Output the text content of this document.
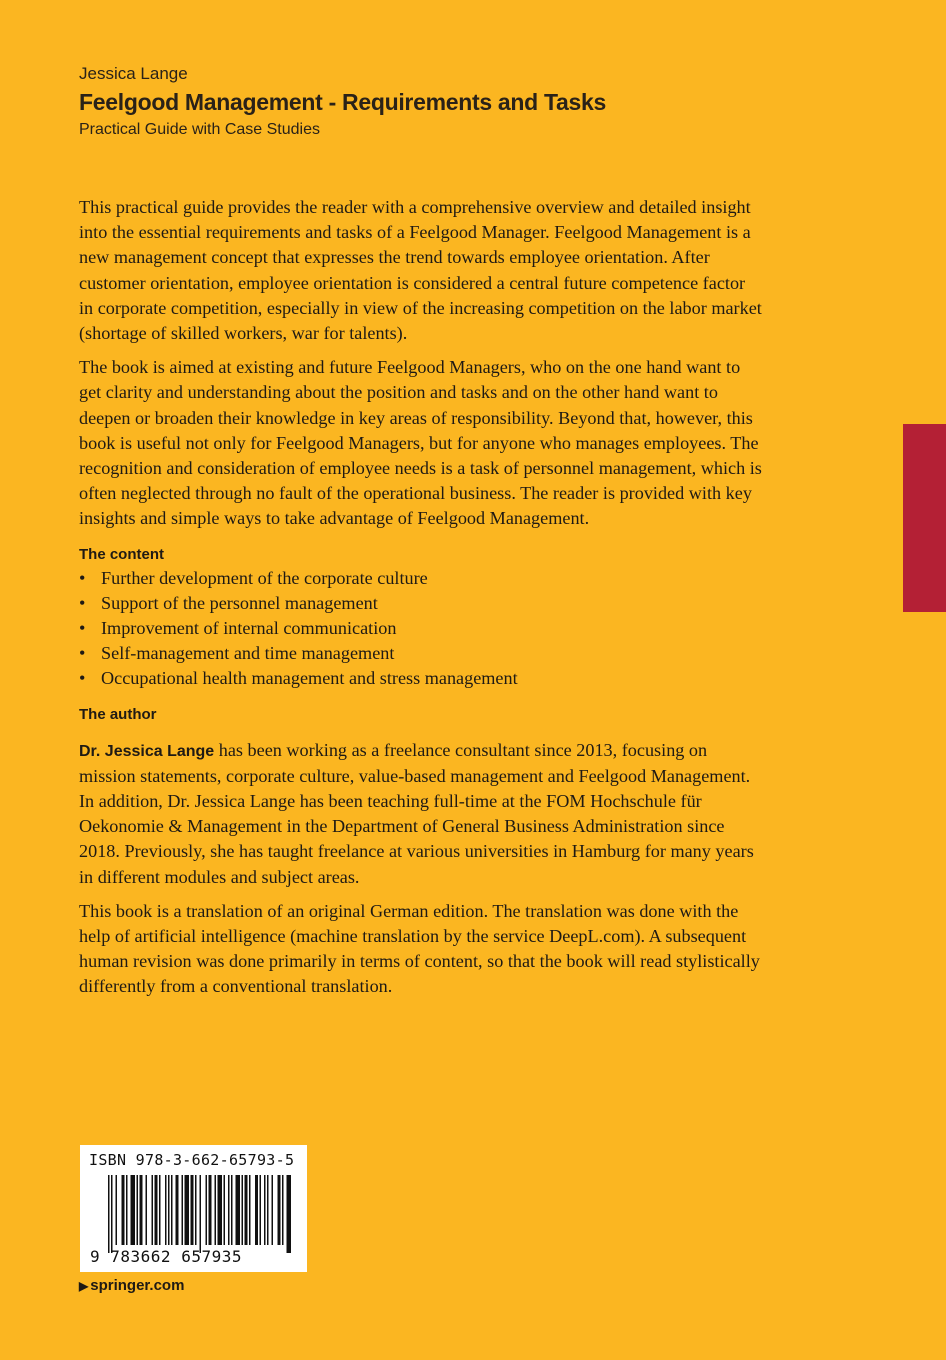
Jessica Lange
Feelgood Management - Requirements and Tasks
Practical Guide with Case Studies

This practical guide provides the reader with a comprehensive overview and detailed insight into the essential requirements and tasks of a Feelgood Manager. Feelgood Management is a new management concept that expresses the trend towards employee orientation. After customer orientation, employee orientation is considered a central future competence factor in corporate competition, especially in view of the increasing competition on the labor market (shortage of skilled workers, war for talents).

The book is aimed at existing and future Feelgood Managers, who on the one hand want to get clarity and understanding about the position and tasks and on the other hand want to deepen or broaden their knowledge in key areas of responsibility. Beyond that, however, this book is useful not only for Feelgood Managers, but for anyone who manages employees. The recognition and consideration of employee needs is a task of personnel management, which is often neglected through no fault of the operational business. The reader is provided with key insights and simple ways to take advantage of Feelgood Management.

The content
• Further development of the corporate culture
• Support of the personnel management
• Improvement of internal communication
• Self-management and time management
• Occupational health management and stress management
The author

Dr. Jessica Lange has been working as a freelance consultant since 2013, focusing on mission statements, corporate culture, value-based management and Feelgood Management. In addition, Dr. Jessica Lange has been teaching full-time at the FOM Hochschule für Oekonomie & Management in the Department of General Business Administration since 2018. Previously, she has taught freelance at various universities in Hamburg for many years in different modules and subject areas.

This book is a translation of an original German edition. The translation was done with the help of artificial intelligence (machine translation by the service DeepL.com). A subsequent human revision was done primarily in terms of content, so that the book will read stylistically differently from a conventional translation.

ISBN 978-3-662-65793-5
9 783662 657935
▶ springer.com
